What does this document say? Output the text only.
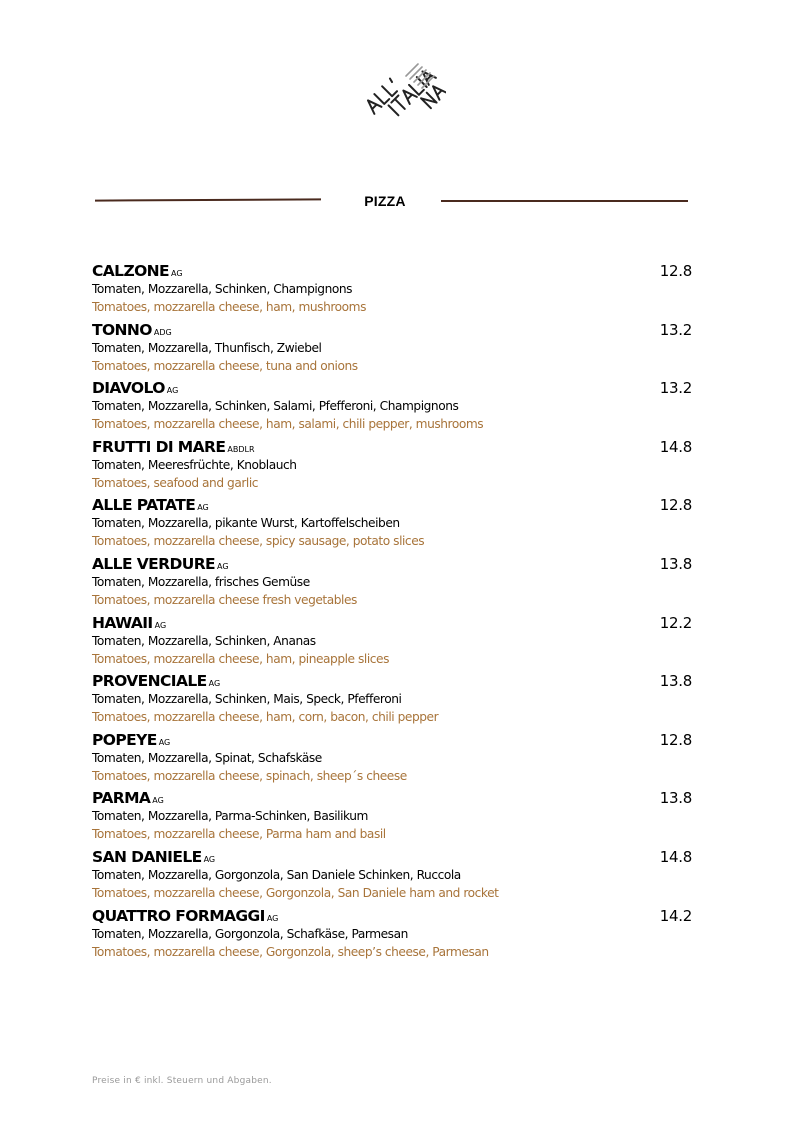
PIZZA
CALZONE AG	12.8
Tomaten, Mozzarella, Schinken, Champignons
Tomatoes, mozzarella cheese, ham, mushrooms
TONNO ADG	13.2
Tomaten, Mozzarella, Thunfisch, Zwiebel
Tomatoes, mozzarella cheese, tuna and onions
DIAVOLO AG	13.2
Tomaten, Mozzarella, Schinken, Salami, Pfefferoni, Champignons
Tomatoes, mozzarella cheese, ham, salami, chili pepper, mushrooms
FRUTTI DI MARE ABDLR	14.8
Tomaten, Meeresfrüchte, Knoblauch
Tomatoes, seafood and garlic
ALLE PATATE AG	12.8
Tomaten, Mozzarella, pikante Wurst, Kartoffelscheiben
Tomatoes, mozzarella cheese, spicy sausage, potato slices
ALLE VERDURE AG	13.8
Tomaten, Mozzarella, frisches Gemüse
Tomatoes, mozzarella cheese fresh vegetables
HAWAII AG	12.2
Tomaten, Mozzarella, Schinken, Ananas
Tomatoes, mozzarella cheese, ham, pineapple slices
PROVENCIALE AG	13.8
Tomaten, Mozzarella, Schinken, Mais, Speck, Pfefferoni
Tomatoes, mozzarella cheese, ham, corn, bacon, chili pepper
POPEYE AG	12.8
Tomaten, Mozzarella, Spinat, Schafskäse
Tomatoes, mozzarella cheese, spinach, sheep´s cheese
PARMA AG	13.8
Tomaten, Mozzarella, Parma-Schinken, Basilikum
Tomatoes, mozzarella cheese, Parma ham and basil
SAN DANIELE AG	14.8
Tomaten, Mozzarella, Gorgonzola, San Daniele Schinken, Ruccola
Tomatoes, mozzarella cheese, Gorgonzola, San Daniele ham and rocket
QUATTRO FORMAGGI AG	14.2
Tomaten, Mozzarella, Gorgonzola, Schafkäse, Parmesan
Tomatoes, mozzarella cheese, Gorgonzola, sheep’s cheese, Parmesan
Preise in € inkl. Steuern und Abgaben.
